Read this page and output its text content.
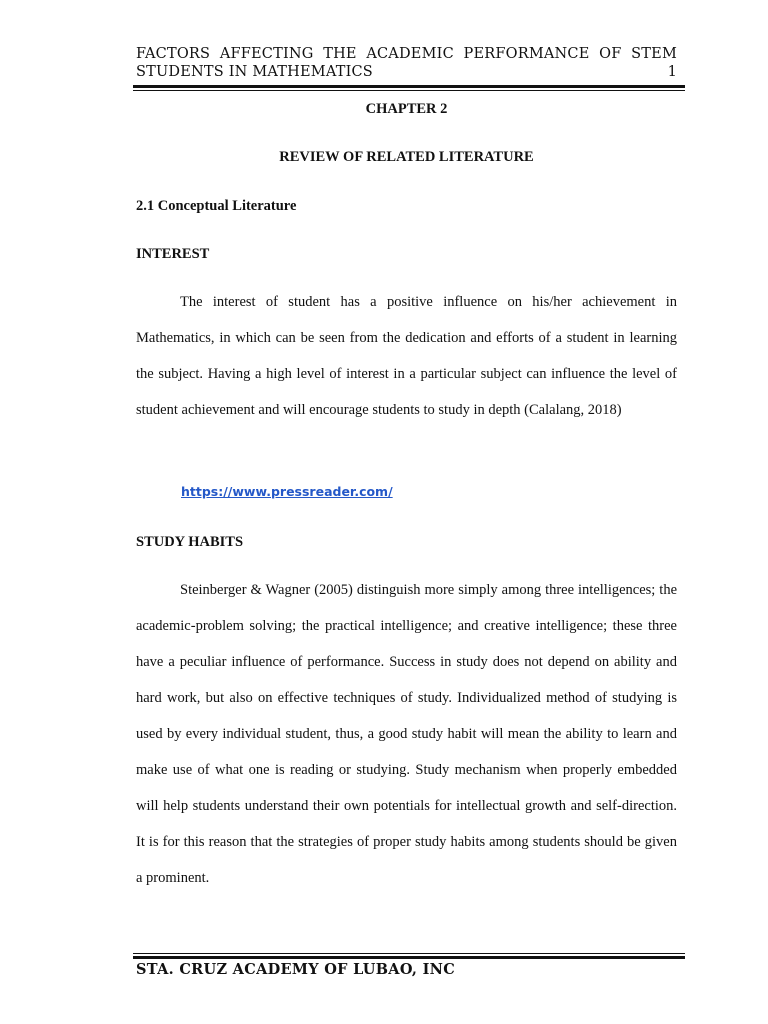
FACTORS AFFECTING THE ACADEMIC PERFORMANCE OF STEM
STUDENTS IN MATHEMATICS	1
CHAPTER 2
REVIEW OF RELATED LITERATURE
2.1 Conceptual Literature
INTEREST
The interest of student has a positive influence on his/her achievement in Mathematics, in which can be seen from the dedication and efforts of a student in learning the subject. Having a high level of interest in a particular subject can influence the level of student achievement and will encourage students to study in depth (Calalang, 2018)
https://www.pressreader.com/
STUDY HABITS
Steinberger & Wagner (2005) distinguish more simply among three intelligences; the academic-problem solving; the practical intelligence; and creative intelligence; these three have a peculiar influence of performance. Success in study does not depend on ability and hard work, but also on effective techniques of study. Individualized method of studying is used by every individual student, thus, a good study habit will mean the ability to learn and make use of what one is reading or studying. Study mechanism when properly embedded will help students understand their own potentials for intellectual growth and self-direction. It is for this reason that the strategies of proper study habits among students should be given a prominent.
STA. CRUZ ACADEMY OF LUBAO, INC
